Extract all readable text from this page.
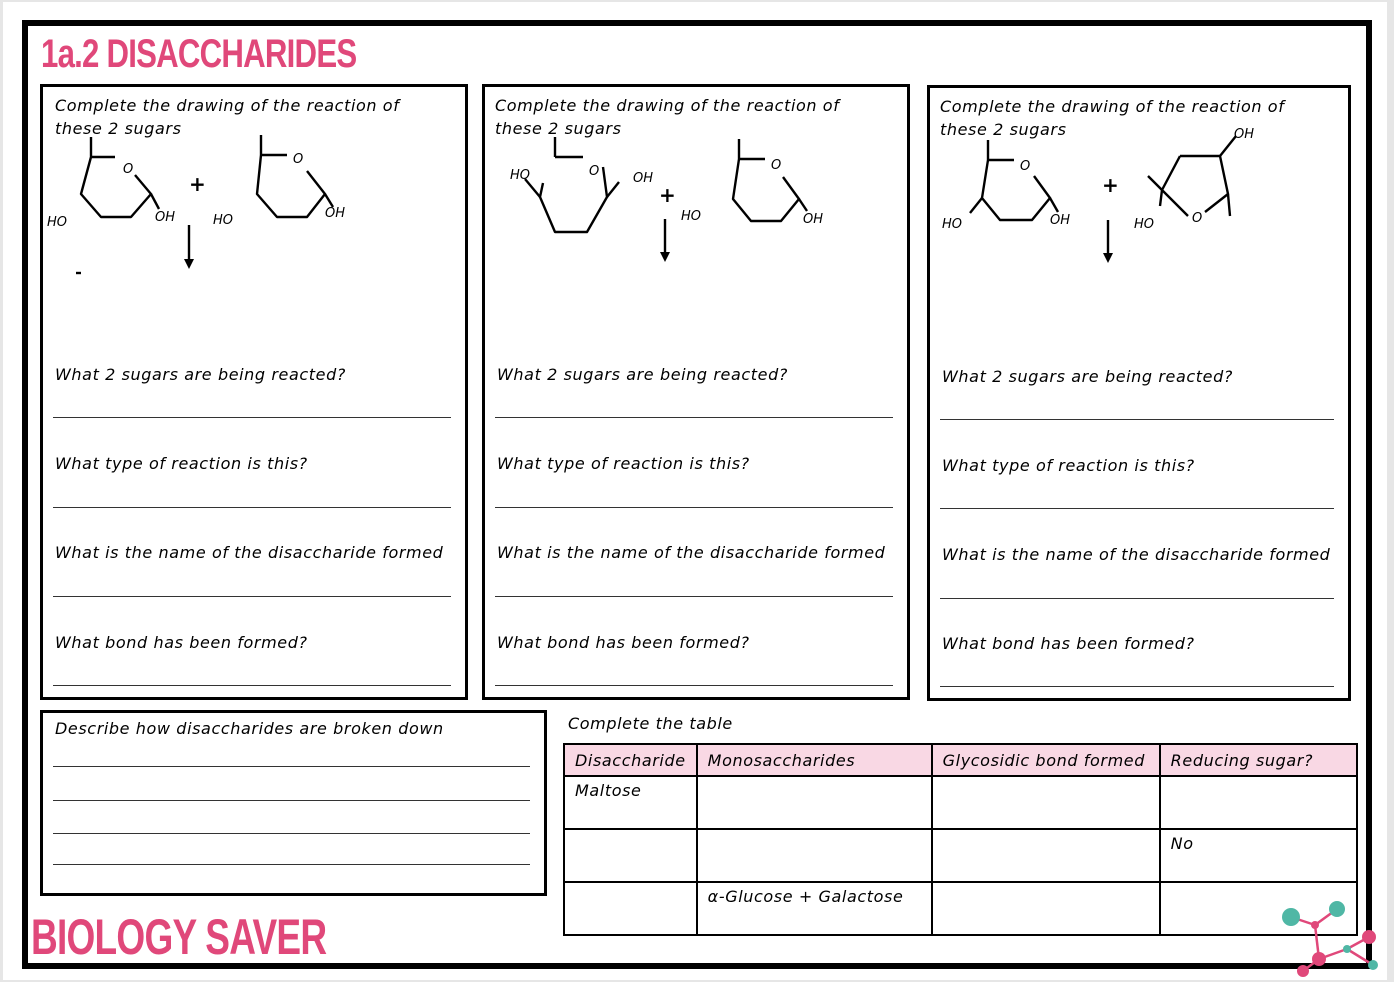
1a.2 DISACCHARIDES
Complete the drawing of the reaction of these 2 sugars
O
HO	OH
O
HO	OH
+
What 2 sugars are being reacted?
What type of reaction is this?
What is the name of the disaccharide formed
What bond has been formed?
Complete the drawing of the reaction of these 2 sugars
O
HO	OH
O
HO	OH
+
What 2 sugars are being reacted?
What type of reaction is this?
What is the name of the disaccharide formed
What bond has been formed?
Complete the drawing of the reaction of these 2 sugars
O
HO	OH	O
HO
OH
+
What 2 sugars are being reacted?
What type of reaction is this?
What is the name of the disaccharide formed
What bond has been formed?
Describe how disaccharides are broken down	Complete the table
Disaccharide	Monosaccharides	Glycosidic bond formed	Reducing sugar?
Maltose			
			No
	α-Glucose + Galactose		
BIOLOGY SAVER
